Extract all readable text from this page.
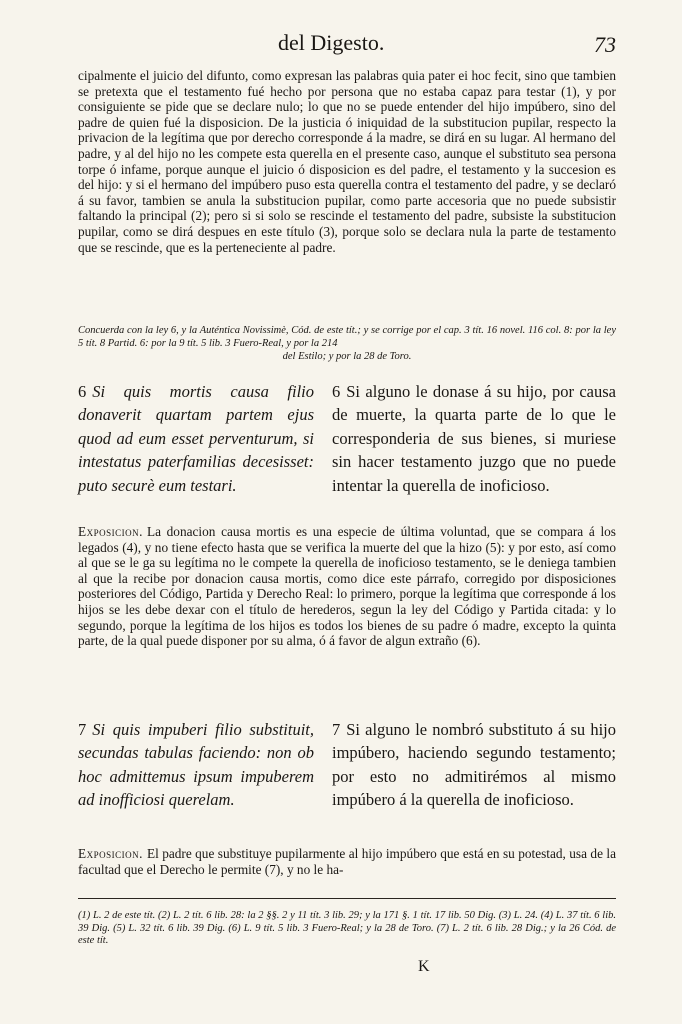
del Digesto.	73

cipalmente el juicio del difunto, como expresan las palabras quia pater ei hoc fecit, sino que tambien se pretexta que el testamento fué hecho por persona que no estaba capaz para testar (1), y por consiguiente se pide que se declare nulo; lo que no se puede entender del hijo impúbero, sino del padre de quien fué la disposicion. De la justicia ó iniquidad de la substitucion pupilar, respecto la privacion de la legítima que por derecho corresponde á la madre, se dirá en su lugar. Al hermano del padre, y al del hijo no les compete esta querella en el presente caso, aunque el substituto sea persona torpe ó infame, porque aunque el juicio ó disposicion es del padre, el testamento y la succesion es del hijo: y si el hermano del impúbero puso esta querella contra el testamento del padre, y se declaró á su favor, tambien se anula la substitucion pupilar, como parte accesoria que no puede subsistir faltando la principal (2); pero si si solo se rescinde el testamento del padre, subsiste la substitucion pupilar, como se dirá despues en este título (3), porque solo se declara nula la parte de testamento que se rescinde, que es la perteneciente al padre.

Concuerda con la ley 6, y la Auténtica Novissimè, Cód. de este tít.; y se corrige por el cap. 3 tít. 16 novel. 116 col. 8: por la ley 5 tít. 8 Partid. 6: por la 9 tít. 5 lib. 3 Fuero-Real, y por la 214
del Estilo; y por la 28 de Toro.

6 Si quis mortis causa filio donaverit quartam partem ejus quod ad eum esset perventurum, si intestatus paterfamilias decesisset: puto securè eum testari.

6 Si alguno le donase á su hijo, por causa de muerte, la quarta parte de lo que le corresponderia de sus bienes, si muriese sin hacer testamento juzgo que no puede intentar la querella de inoficioso.

Exposicion. La donacion causa mortis es una especie de última voluntad, que se compara á los legados (4), y no tiene efecto hasta que se verifica la muerte del que la hizo (5): y por esto, así como al que se le ga su legítima no le compete la querella de inoficioso testamento, se le deniega tambien al que la recibe por donacion causa mortis, como dice este párrafo, corregido por disposiciones posteriores del Código, Partida y Derecho Real: lo primero, porque la legítima que corresponde á los hijos se les debe dexar con el título de herederos, segun la ley del Código y Partida citada: y lo segundo, porque la legítima de los hijos es todos los bienes de su padre ó madre, excepto la quinta parte, de la qual puede disponer por su alma, ó á favor de algun extraño (6).

7 Si quis impuberi filio substituit, secundas tabulas faciendo: non ob hoc admittemus ipsum impuberem ad inofficiosi querelam.

7 Si alguno le nombró substituto á su hijo impúbero, haciendo segundo testamento; por esto no admitirémos al mismo impúbero á la querella de inoficioso.

Exposicion. El padre que substituye pupilarmente al hijo impúbero que está en su potestad, usa de la facultad que el Derecho le permite (7), y no le ha-

(1) L. 2 de este tít. (2) L. 2 tít. 6 lib. 28: la 2 §§. 2 y 11 tít. 3 lib. 29; y la 171 §. 1 tít. 17 lib. 50 Dig. (3) L. 24. (4) L. 37 tít. 6 lib. 39 Dig. (5) L. 32 tít. 6 lib. 39 Dig. (6) L. 9 tít. 5 lib. 3 Fuero-Real; y la 28 de Toro. (7) L. 2 tít. 6 lib. 28 Dig.; y la 26 Cód. de este tít.

K
